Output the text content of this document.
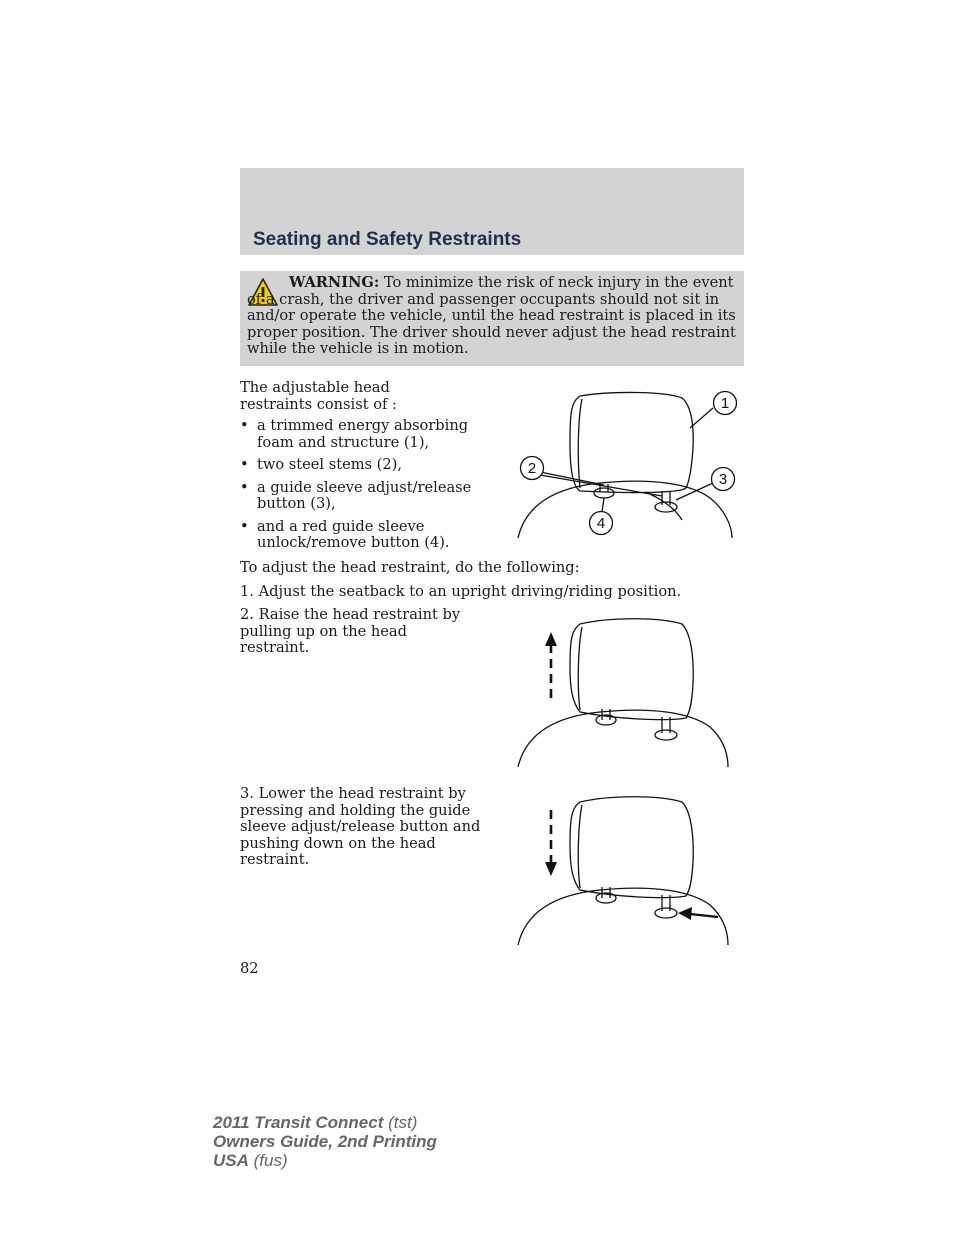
Seating and Safety Restraints

WARNING: To minimize the risk of neck injury in the event of a crash, the driver and passenger occupants should not sit in and/or operate the vehicle, until the head restraint is placed in its proper position. The driver should never adjust the head restraint while the vehicle is in motion.

The adjustable head restraints consist of :

• a trimmed energy absorbing foam and structure (1),
• two steel stems (2),
• a guide sleeve adjust/release button (3),
• and a red guide sleeve unlock/remove button (4).
1
2
3
4

To adjust the head restraint, do the following:

1. Adjust the seatback to an upright driving/riding position.

2. Raise the head restraint by pulling up on the head restraint.

3. Lower the head restraint by pressing and holding the guide sleeve adjust/release button and pushing down on the head restraint.

82

2011 Transit Connect (tst)
Owners Guide, 2nd Printing
USA (fus)
